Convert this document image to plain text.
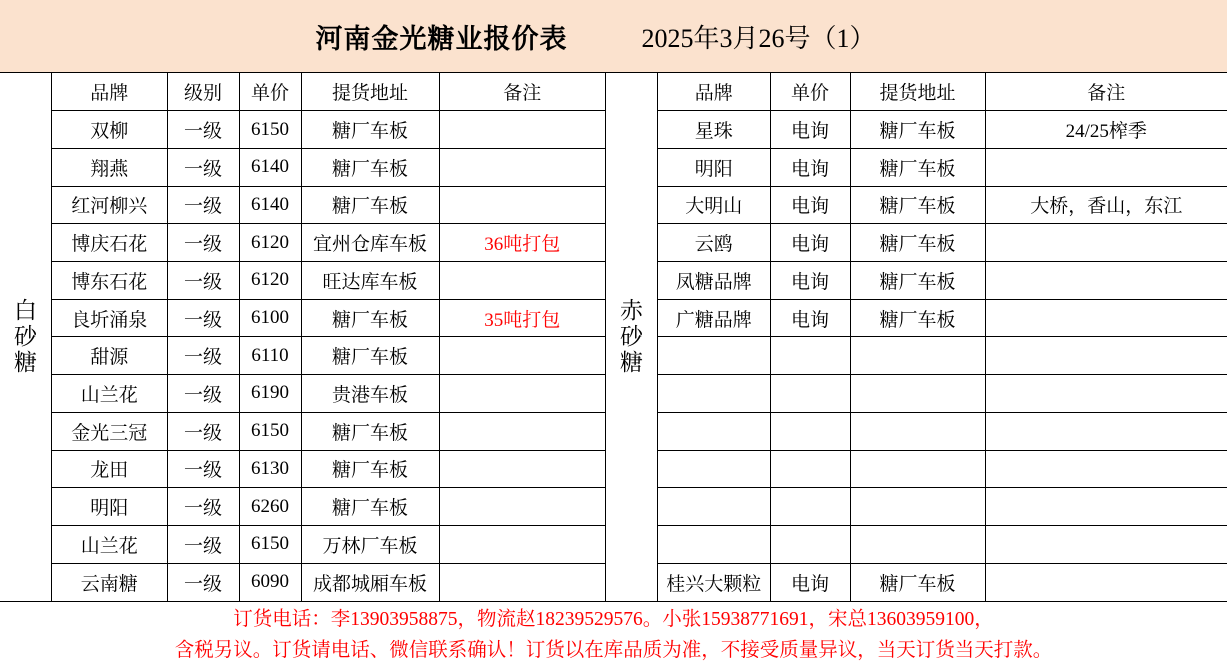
河南金光糖业报价表	2025年3月26号（1）
白砂糖
品牌	级别	单价	提货地址	备注
双柳	一级	6150	糖厂车板	
翔燕	一级	6140	糖厂车板	
红河柳兴	一级	6140	糖厂车板	
博庆石花	一级	6120	宜州仓库车板	36吨打包
博东石花	一级	6120	旺达库车板	
良圻涌泉	一级	6100	糖厂车板	35吨打包
甜源	一级	6110	糖厂车板	
山兰花	一级	6190	贵港车板	
金光三冠	一级	6150	糖厂车板	
龙田	一级	6130	糖厂车板	
明阳	一级	6260	糖厂车板	
山兰花	一级	6150	万林厂车板	
云南糖	一级	6090	成都城厢车板	
赤砂糖
品牌	单价	提货地址	备注
星珠	电询	糖厂车板	24/25榨季
明阳	电询	糖厂车板	
大明山	电询	糖厂车板	大桥，香山，东江
云鸥	电询	糖厂车板	
凤糖品牌	电询	糖厂车板	
广糖品牌	电询	糖厂车板	

桂兴大颗粒	电询	糖厂车板	
订货电话：李13903958875，物流赵18239529576。小张15938771691，宋总13603959100，
含税另议。订货请电话、微信联系确认！订货以在库品质为准，不接受质量异议，当天订货当天打款。
